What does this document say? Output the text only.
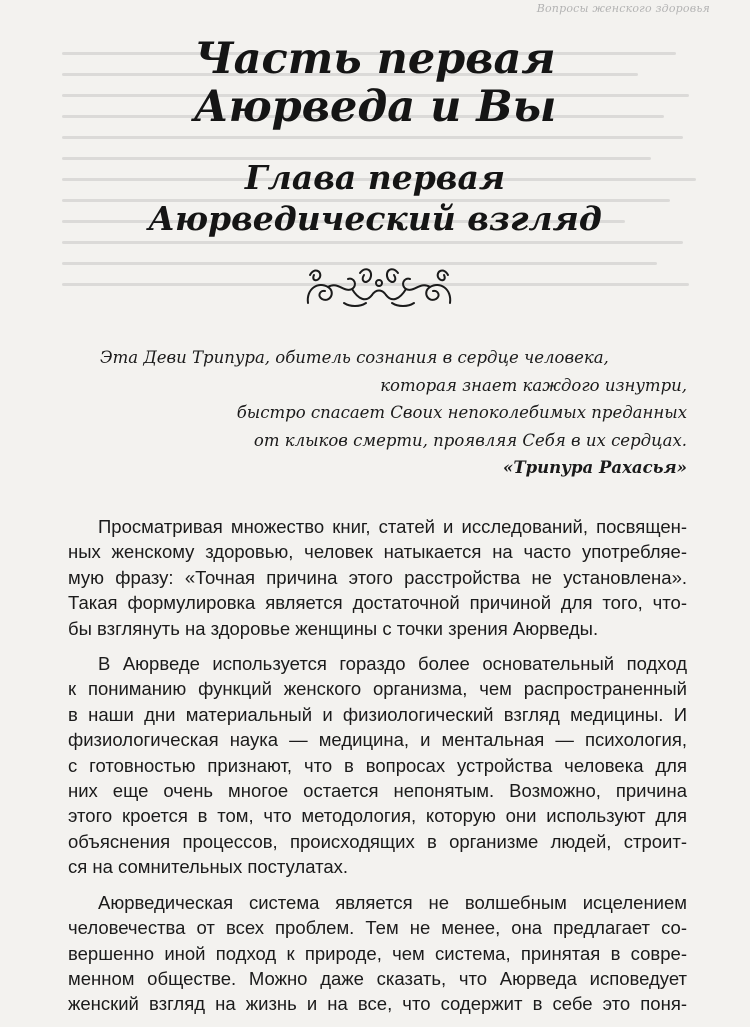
Вопросы женского здоровья
Часть первая
Аюрведа и Вы
Глава первая
Аюрведический взгляд
Эта Деви Трипура, обитель сознания в сердце человека,
которая знает каждого изнутри,
быстро спасает Своих непоколебимых преданных
от клыков смерти, проявляя Себя в их сердцах.
«Трипура Рахасья»
Просматривая множество книг, статей и исследований, посвящен-
ных женскому здоровью, человек натыкается на часто употребляе-
мую фразу: «Точная причина этого расстройства не установлена».
Такая формулировка является достаточной причиной для того, что-
бы взглянуть на здоровье женщины с точки зрения Аюрведы.
В Аюрведе используется гораздо более основательный подход
к пониманию функций женского организма, чем распространенный
в наши дни материальный и физиологический взгляд медицины. И
физиологическая наука — медицина, и ментальная — психология,
с готовностью признают, что в вопросах устройства человека для
них еще очень многое остается непонятым. Возможно, причина
этого кроется в том, что методология, которую они используют для
объяснения процессов, происходящих в организме людей, строит-
ся на сомнительных постулатах.
Аюрведическая система является не волшебным исцелением
человечества от всех проблем. Тем не менее, она предлагает со-
вершенно иной подход к природе, чем система, принятая в совре-
менном обществе. Можно даже сказать, что Аюрведа исповедует
женский взгляд на жизнь и на все, что содержит в себе это поня-
